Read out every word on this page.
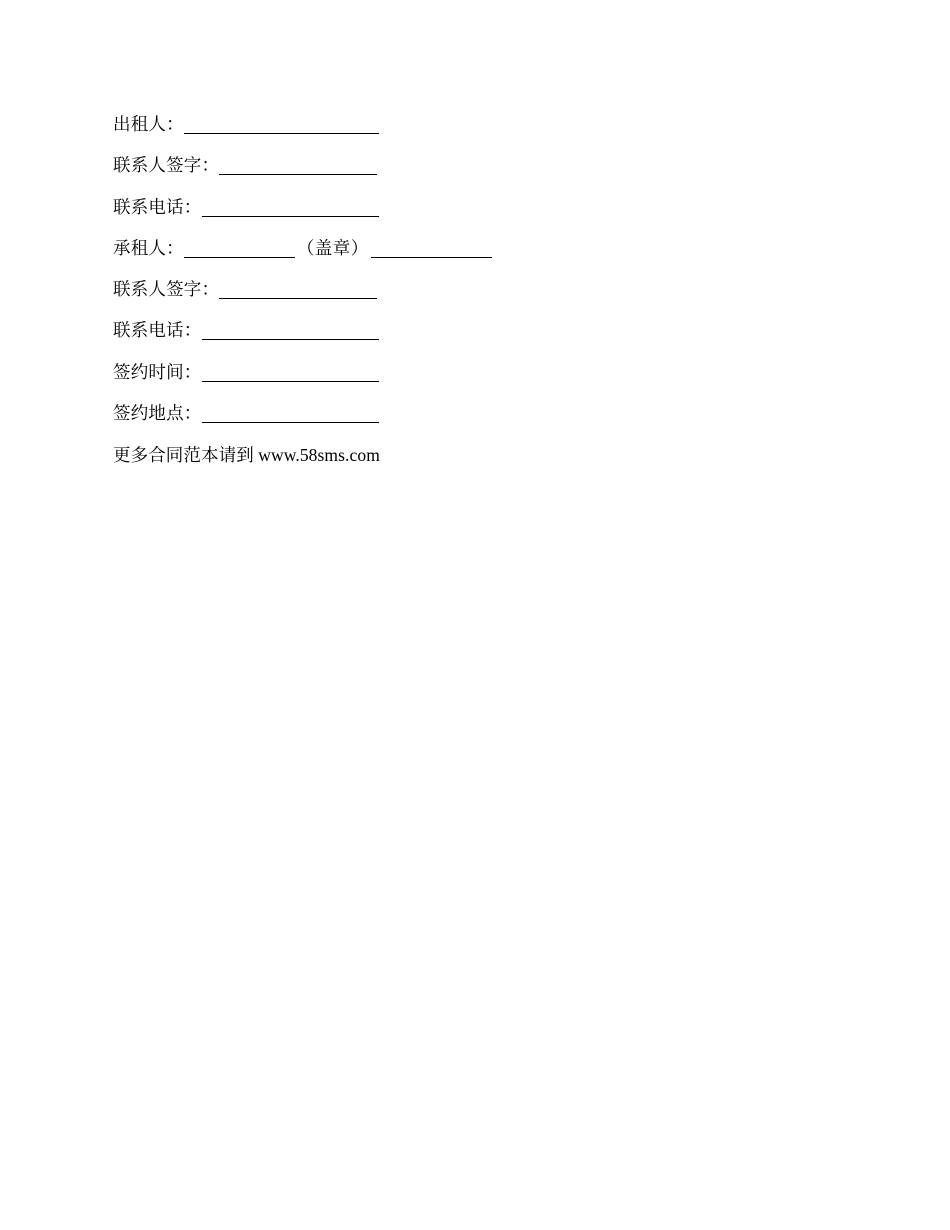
出租人：
联系人签字：
联系电话：
承租人：	（盖章）
联系人签字：
联系电话：
签约时间：
签约地点：
更多合同范本请到 www.58sms.com
